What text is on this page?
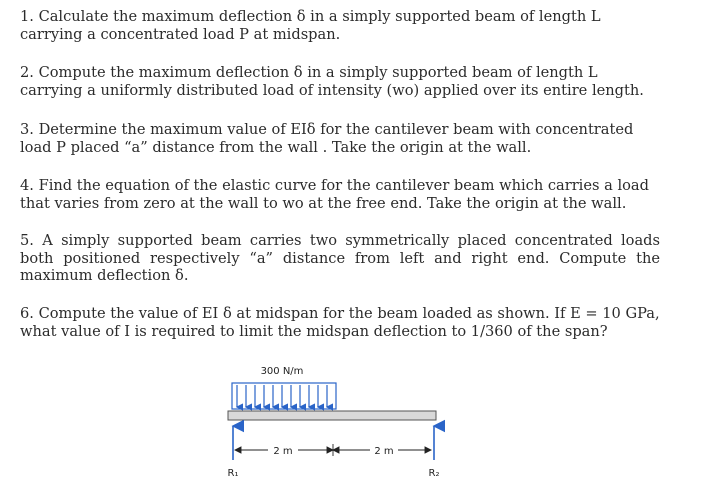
1. Calculate the maximum deflection δ in a simply supported beam of length L carrying a concentrated load P at midspan.

2. Compute the maximum deflection δ in a simply supported beam of length L carrying a uniformly distributed load of intensity (wo) applied over its entire length.

3. Determine the maximum value of EIδ for the cantilever beam with concentrated load P placed “a” distance from the wall . Take the origin at the wall.

4. Find the equation of the elastic curve for the cantilever beam which carries a load that varies from zero at the wall to wo at the free end. Take the origin at the wall.

5. A simply supported beam carries two symmetrically placed concentrated loads both positioned respectively “a” distance from left and right end. Compute the maximum deflection δ.

6. Compute the value of EI δ at midspan for the beam loaded as shown. If E = 10 GPa, what value of I is required to limit the midspan deflection to 1/360 of the span?

300 N/m
2 m	2 m
R₁	R₂
